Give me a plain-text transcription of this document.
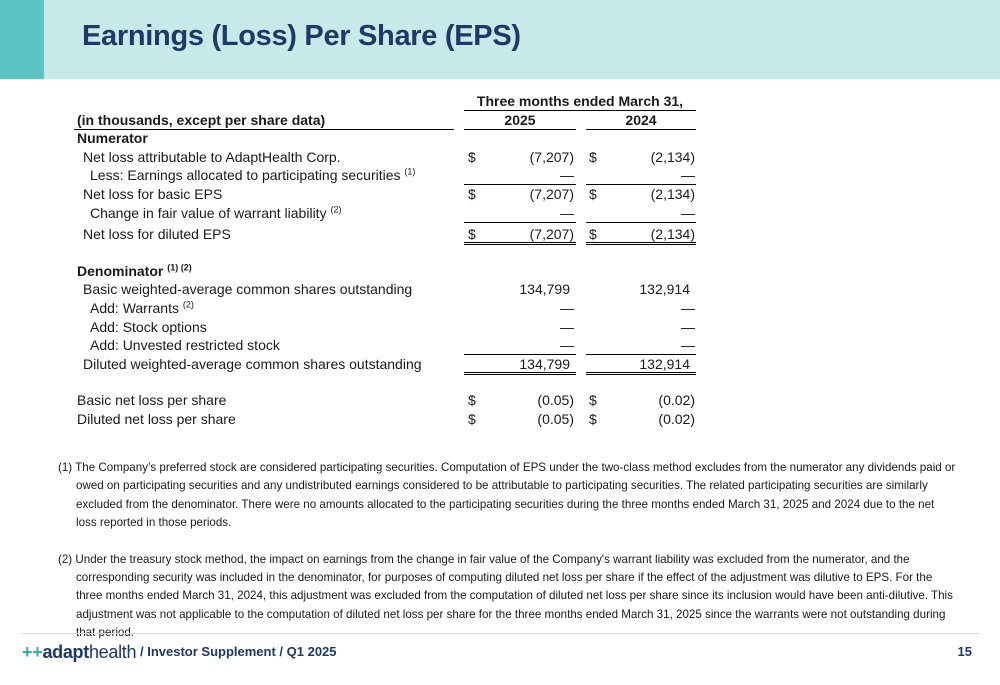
Earnings (Loss) Per Share (EPS)
Three months ended March 31,
(in thousands, except per share data)	2025	2024
Numerator
Net loss attributable to AdaptHealth Corp.	$	(7,207) $	(2,134)
Less: Earnings allocated to participating securities $^{(1)}$	—	—
Net loss for basic EPS	$	(7,207) $	(2,134)
Change in fair value of warrant liability $^{(2)}$	—	—
Net loss for diluted EPS	$	(7,207) $	(2,134)
Denominator $^{(1) (2)}$
Basic weighted-average common shares outstanding	134,799	132,914
Add: Warrants $^{(2)}$	—	—
Add: Stock options	—	—
Add: Unvested restricted stock	—	—
Diluted weighted-average common shares outstanding	134,799	132,914
Basic net loss per share	$	(0.05) $	(0.02)
Diluted net loss per share	$	(0.05) $	(0.02)

(1) The Company’s preferred stock are considered participating securities. Computation of EPS under the two-class method excludes from the numerator any dividends paid or owed on participating securities and any undistributed earnings considered to be attributable to participating securities. The related participating securities are similarly excluded from the denominator. There were no amounts allocated to the participating securities during the three months ended March 31, 2025 and 2024 due to the net loss reported in those periods.

(2) Under the treasury stock method, the impact on earnings from the change in fair value of the Company's warrant liability was excluded from the numerator, and the corresponding security was included in the denominator, for purposes of computing diluted net loss per share if the effect of the adjustment was dilutive to EPS. For the three months ended March 31, 2024, this adjustment was excluded from the computation of diluted net loss per share since its inclusion would have been anti-dilutive. This adjustment was not applicable to the computation of diluted net loss per share for the three months ended March 31, 2025 since the warrants were not outstanding during that period.

++adapthealth / Investor Supplement / Q1 2025	15
